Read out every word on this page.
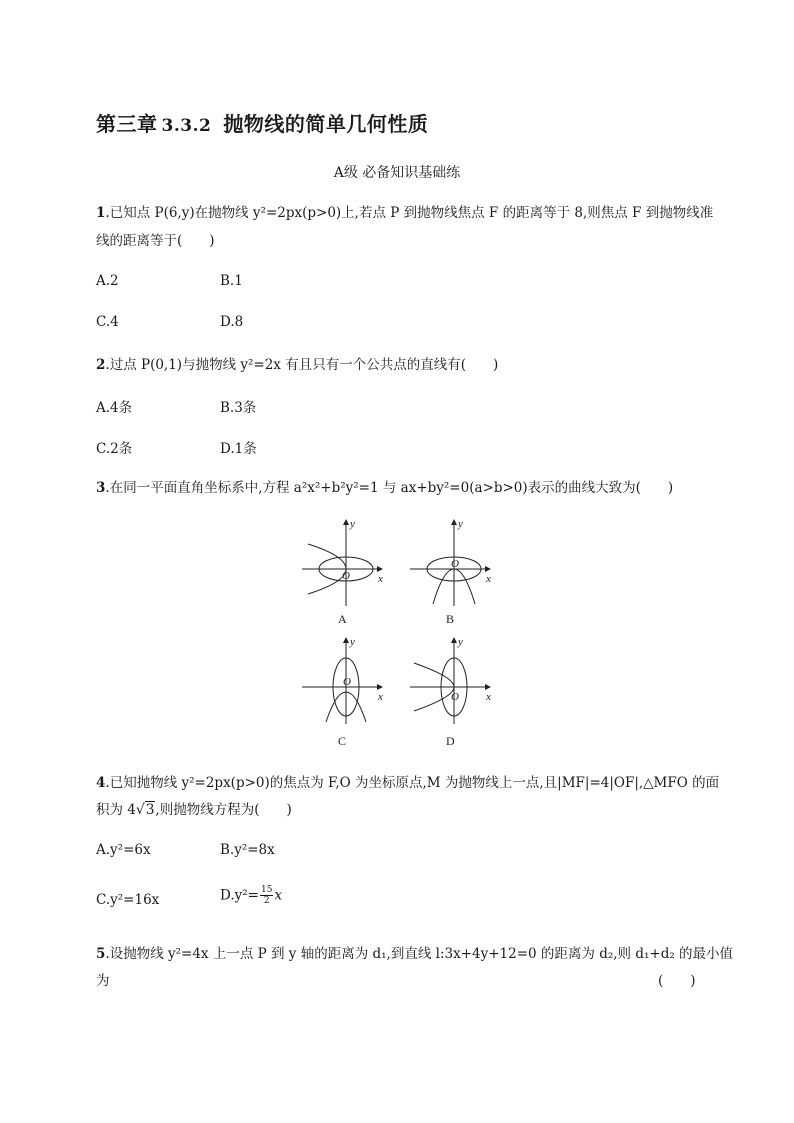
第三章 3.3.2 抛物线的简单几何性质
A级 必备知识基础练
1.已知点 P(6,y)在抛物线 y²=2px(p>0)上,若点 P 到抛物线焦点 F 的距离等于 8,则焦点 F 到抛物线准
线的距离等于(　　)
A.2	B.1
C.4	D.8
2.过点 P(0,1)与抛物线 y²=2x 有且只有一个公共点的直线有(　　)
A.4条	B.3条
C.2条	D.1条
3.在同一平面直角坐标系中,方程 a²x²+b²y²=1 与 ax+by²=0(a>b>0)表示的曲线大致为(　　)
y
x
O
A
y
x
O
B
y
x
O
C
y
x
O
D
4.已知抛物线 y²=2px(p>0)的焦点为 F,O 为坐标原点,M 为抛物线上一点,且|MF|=4|OF|,△MFO 的面
积为 4√3,则抛物线方程为(　　)
A.y²=6x	B.y²=8x
C.y²=16x	$D.y^2= \frac{15}{2}$ x
5.设抛物线 y²=4x 上一点 P 到 y 轴的距离为 d₁,到直线 l:3x+4y+12=0 的距离为 d₂,则 d₁+d₂ 的最小值
为	(　　)
